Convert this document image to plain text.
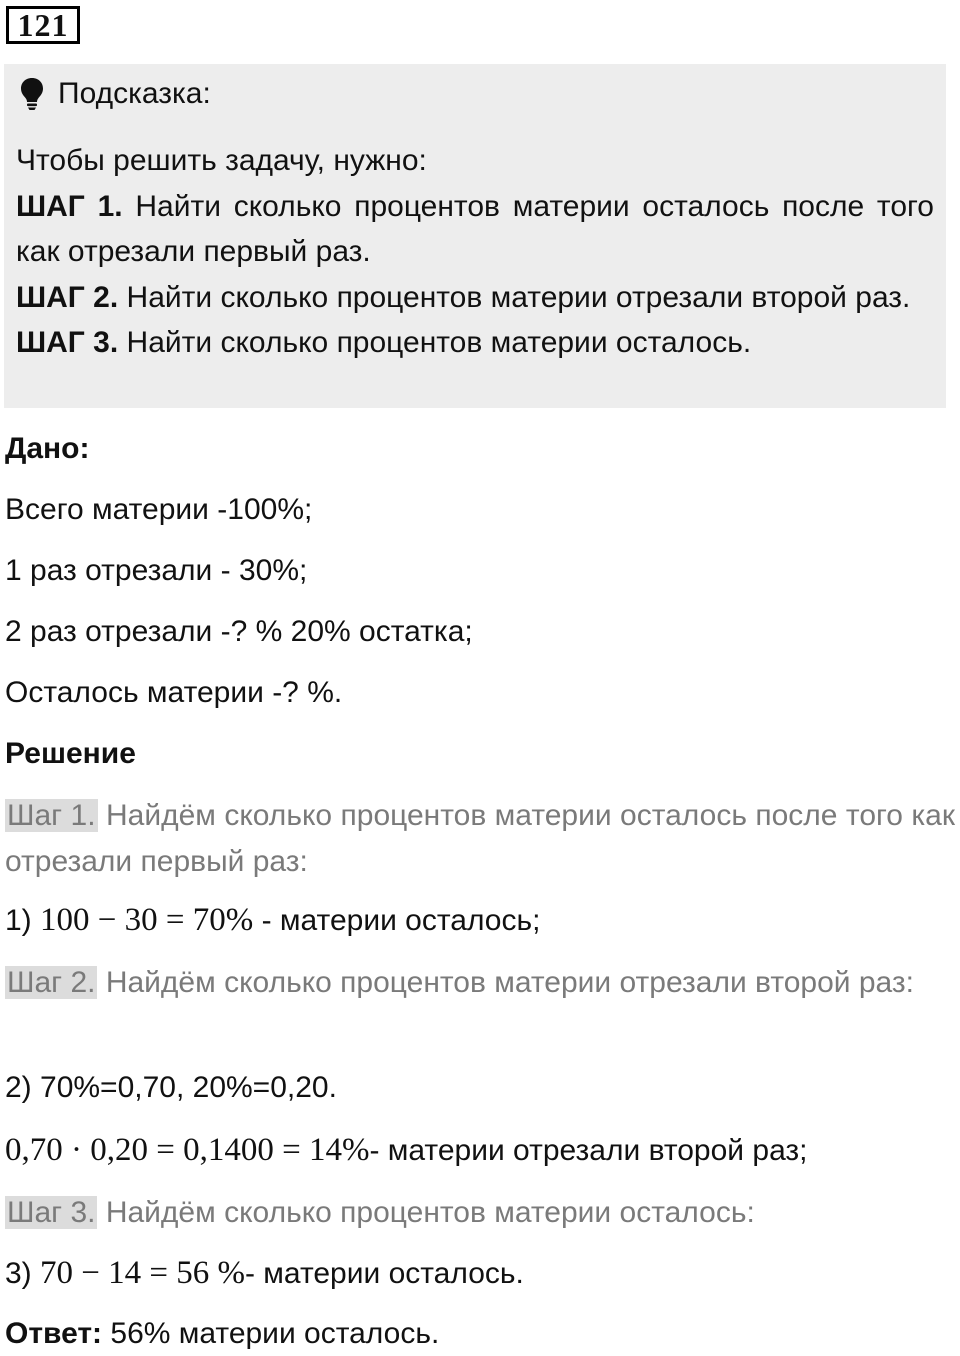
121
Подсказка:

Чтобы решить задачу, нужно:

ШАГ 1. Найти сколько процентов материи осталось после того как отрезали первый раз.

ШАГ 2. Найти сколько процентов материи отрезали второй раз.

ШАГ 3. Найти сколько процентов материи осталось.

Дано:
Всего материи -100%;
1 раз отрезали - 30%;
2 раз отрезали -? % 20% остатка;
Осталось материи -? %.
Решение
Шаг 1. Найдём сколько процентов материи осталось после того как отрезали первый раз:
1) 100 − 30 = 70% - материи осталось;
Шаг 2. Найдём сколько процентов материи отрезали второй раз:
2) 70%=0,70, 20%=0,20.
0,70 · 0,20 = 0,1400 = 14%- материи отрезали второй раз;
Шаг 3. Найдём сколько процентов материи осталось:
3) 70 − 14 = 56 %- материи осталось.
Ответ: 56% материи осталось.
